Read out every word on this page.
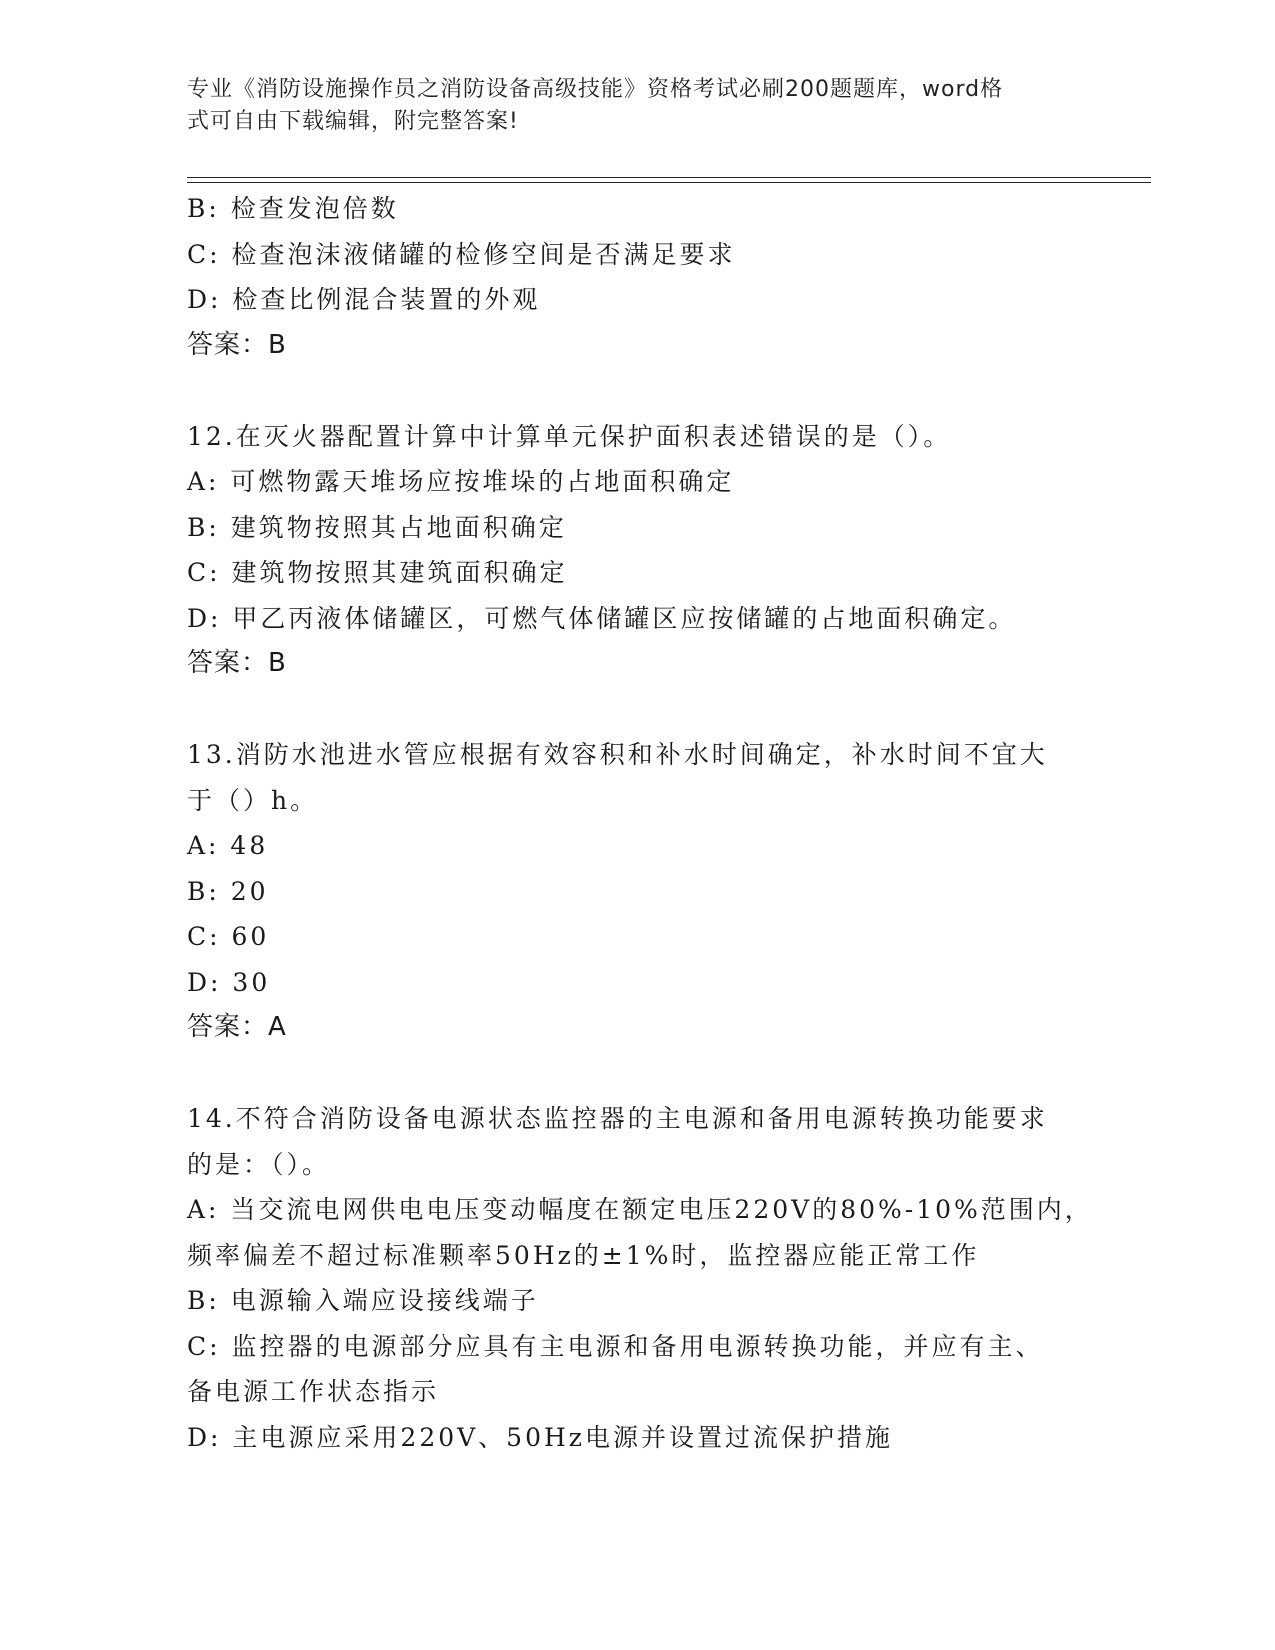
专业《消防设施操作员之消防设备高级技能》资格考试必刷200题题库，word格
式可自由下载编辑，附完整答案!
B: 检查发泡倍数
C: 检查泡沫液储罐的检修空间是否满足要求
D: 检查比例混合装置的外观
答案：B
12.在灭火器配置计算中计算单元保护面积表述错误的是（）。
A: 可燃物露天堆场应按堆垛的占地面积确定
B: 建筑物按照其占地面积确定
C: 建筑物按照其建筑面积确定
D: 甲乙丙液体储罐区，可燃气体储罐区应按储罐的占地面积确定。
答案：B
13.消防水池进水管应根据有效容积和补水时间确定，补水时间不宜大
于（）h。
A: 48
B: 20
C: 60
D: 30
答案：A
14.不符合消防设备电源状态监控器的主电源和备用电源转换功能要求
的是：（）。
A: 当交流电网供电电压变动幅度在额定电压220V的80%-10%范围内，
频率偏差不超过标准颗率50Hz的±1%时，监控器应能正常工作
B: 电源输入端应设接线端子
C: 监控器的电源部分应具有主电源和备用电源转换功能，并应有主、
备电源工作状态指示
D: 主电源应采用220V、50Hz电源并设置过流保护措施
